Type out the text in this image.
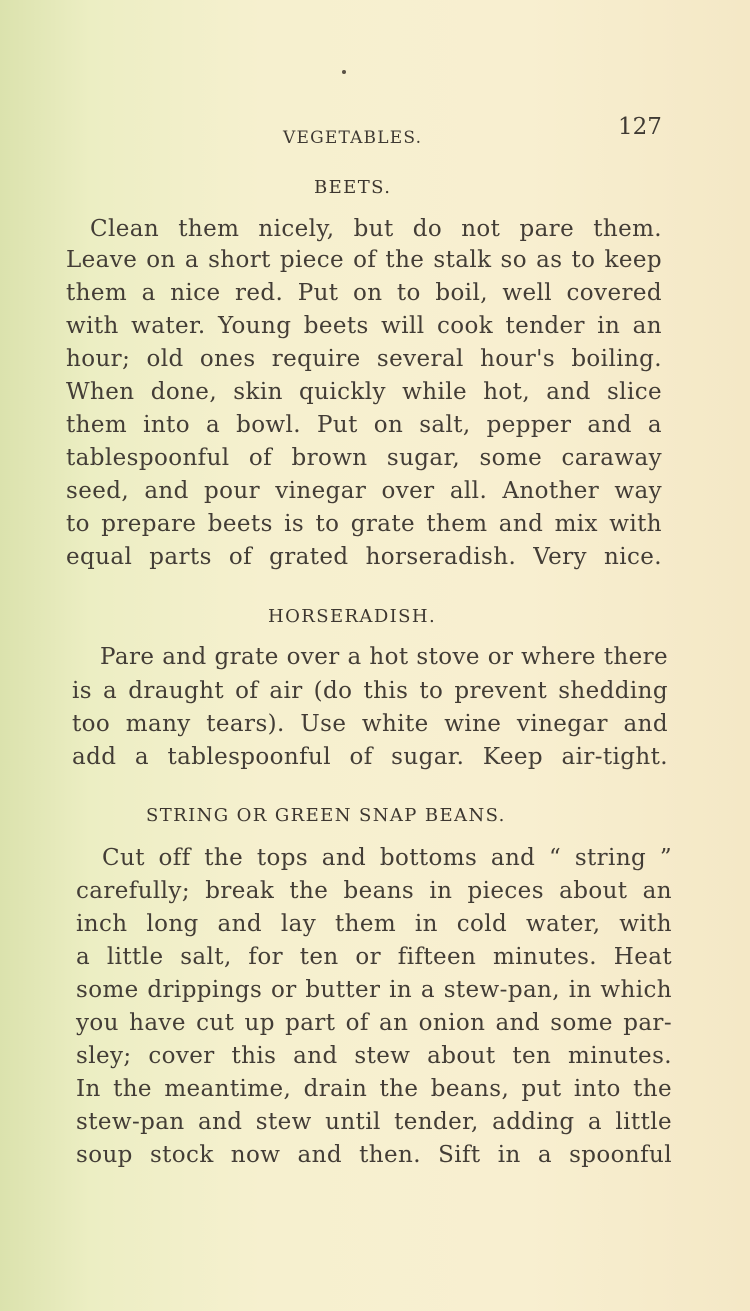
VEGETABLES.	127
BEETS.
Clean them nicely, but do not pare them.
Leave on a short piece of the stalk so as to keep
them a nice red. Put on to boil, well covered
with water. Young beets will cook tender in an
hour; old ones require several hour's boiling.
When done, skin quickly while hot, and slice
them into a bowl. Put on salt, pepper and a
tablespoonful of brown sugar, some caraway
seed, and pour vinegar over all. Another way
to prepare beets is to grate them and mix with
equal parts of grated horseradish. Very nice.
HORSERADISH.
Pare and grate over a hot stove or where there
is a draught of air (do this to prevent shedding
too many tears). Use white wine vinegar and
add a tablespoonful of sugar. Keep air-tight.
STRING OR GREEN SNAP BEANS.
Cut off the tops and bottoms and “ string ”
carefully; break the beans in pieces about an
inch long and lay them in cold water, with
a little salt, for ten or fifteen minutes. Heat
some drippings or butter in a stew-pan, in which
you have cut up part of an onion and some par-
sley; cover this and stew about ten minutes.
In the meantime, drain the beans, put into the
stew-pan and stew until tender, adding a little
soup stock now and then. Sift in a spoonful
